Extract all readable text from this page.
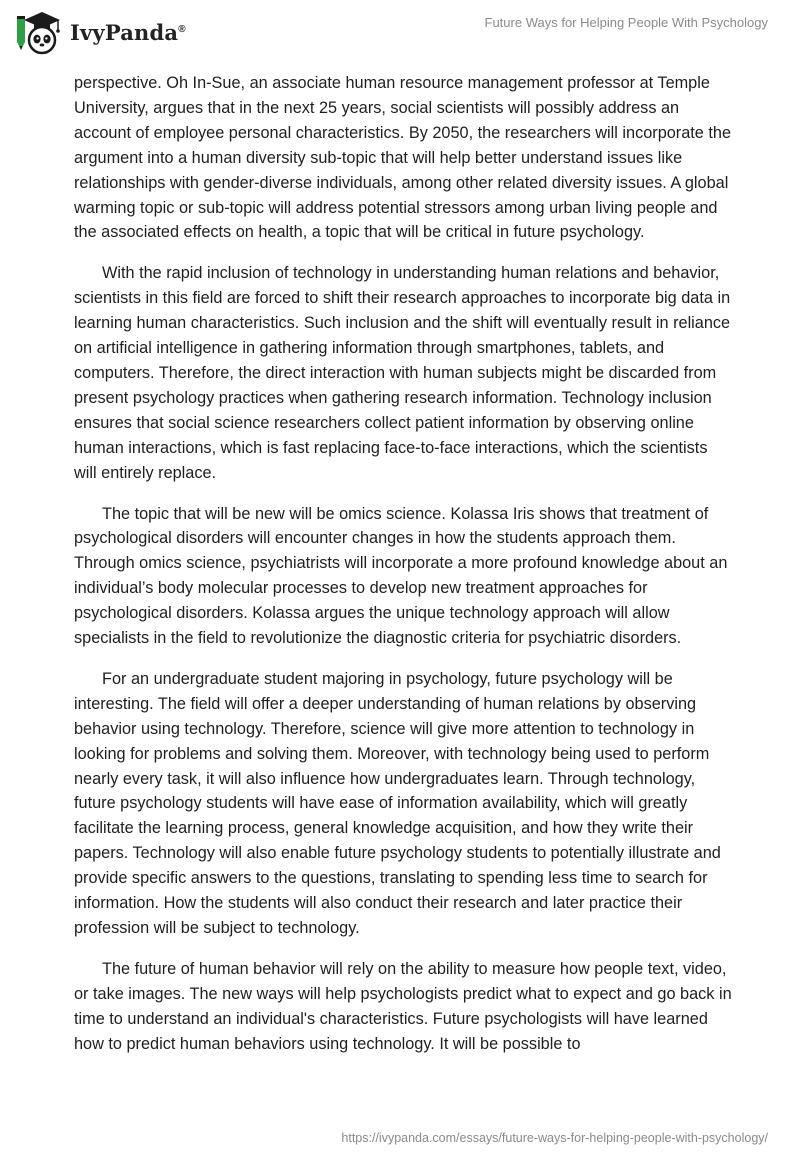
IvyPanda®	Future Ways for Helping People With Psychology

perspective. Oh In-Sue, an associate human resource management professor at Temple University, argues that in the next 25 years, social scientists will possibly address an account of employee personal characteristics. By 2050, the researchers will incorporate the argument into a human diversity sub-topic that will help better understand issues like relationships with gender-diverse individuals, among other related diversity issues. A global warming topic or sub-topic will address potential stressors among urban living people and the associated effects on health, a topic that will be critical in future psychology.

With the rapid inclusion of technology in understanding human relations and behavior, scientists in this field are forced to shift their research approaches to incorporate big data in learning human characteristics. Such inclusion and the shift will eventually result in reliance on artificial intelligence in gathering information through smartphones, tablets, and computers. Therefore, the direct interaction with human subjects might be discarded from present psychology practices when gathering research information. Technology inclusion ensures that social science researchers collect patient information by observing online human interactions, which is fast replacing face-to-face interactions, which the scientists will entirely replace.

The topic that will be new will be omics science. Kolassa Iris shows that treatment of psychological disorders will encounter changes in how the students approach them. Through omics science, psychiatrists will incorporate a more profound knowledge about an individual’s body molecular processes to develop new treatment approaches for psychological disorders. Kolassa argues the unique technology approach will allow specialists in the field to revolutionize the diagnostic criteria for psychiatric disorders.

For an undergraduate student majoring in psychology, future psychology will be interesting. The field will offer a deeper understanding of human relations by observing behavior using technology. Therefore, science will give more attention to technology in looking for problems and solving them. Moreover, with technology being used to perform nearly every task, it will also influence how undergraduates learn. Through technology, future psychology students will have ease of information availability, which will greatly facilitate the learning process, general knowledge acquisition, and how they write their papers. Technology will also enable future psychology students to potentially illustrate and provide specific answers to the questions, translating to spending less time to search for information. How the students will also conduct their research and later practice their profession will be subject to technology.

The future of human behavior will rely on the ability to measure how people text, video, or take images. The new ways will help psychologists predict what to expect and go back in time to understand an individual's characteristics. Future psychologists will have learned how to predict human behaviors using technology. It will be possible to

https://ivypanda.com/essays/future-ways-for-helping-people-with-psychology/
